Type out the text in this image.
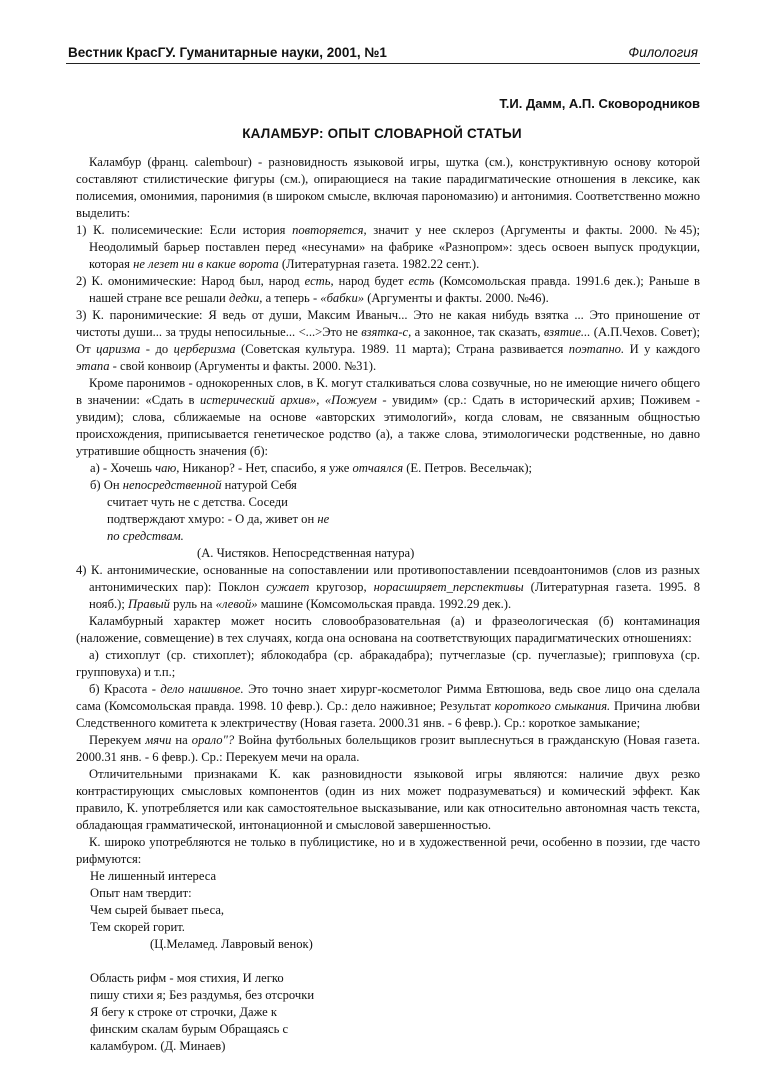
Вестник КрасГУ. Гуманитарные науки, 2001, №1	Филология
Т.И. Дамм, А.П. Сковородников
КАЛАМБУР: ОПЫТ СЛОВАРНОЙ СТАТЬИ

Каламбур (франц. calembour) - разновидность языковой игры, шутка (см.), конструктивную основу которой составляют стилистические фигуры (см.), опирающиеся на такие парадигматические отношения в лексике, как полисемия, омонимия, паронимия (в широком смысле, включая парономазию) и антонимия. Соответственно можно выделить:

1) К. полисемические: Если история повторяется, значит у нее склероз (Аргументы и факты. 2000. №45); Неодолимый барьер поставлен перед «несунами» на фабрике «Разнопром»: здесь освоен выпуск продукции, которая не лезет ни в какие ворота (Литературная газета. 1982.22 сент.).

2) К. омонимические: Народ был, народ есть, народ будет есть (Комсомольская правда. 1991.6 дек.); Раньше в нашей стране все решали дедки, а теперь - «бабки» (Аргументы и факты. 2000. №46).

3) К. паронимические: Я ведь от души, Максим Иваныч... Это не какая нибудь взятка ... Это приношение от чистоты души... за труды непосильные... <...>Это не взятка-с, а законное, так сказать, взятие... (А.П.Чехов. Совет); От царизма - до церберизма (Советская культура. 1989. 11 марта); Страна развивается поэтапно. И у каждого этапа - свой конвоир (Аргументы и факты. 2000. №31).

Кроме паронимов - однокоренных слов, в К. могут сталкиваться слова созвучные, но не имеющие ничего общего в значении: «Сдать в истерический архив», «Пожуем - увидим» (ср.: Сдать в исторический архив; Поживем - увидим); слова, сближаемые на основе «авторских этимологий», когда словам, не связанным общностью происхождения, приписывается генетическое родство (а), а также слова, этимологически родственные, но давно утратившие общность значения (б):

а) - Хочешь чаю, Никанор? - Нет, спасибо, я уже отчаялся (Е. Петров. Весельчак);

б) Он непосредственной натурой Себя
считает чуть не с детства. Соседи
подтверждают хмуро: - О да, живет он не
по средствам.
(А. Чистяков. Непосредственная натура)

4) К. антонимические, основанные на сопоставлении или противопоставлении псевдоантонимов (слов из разных антонимических пар): Поклон сужает кругозор, норасширяет_перспективы (Литературная газета. 1995. 8 нояб.); Правый руль на «левой» машине (Комсомольская правда. 1992.29 дек.).

Каламбурный характер может носить словообразовательная (а) и фразеологическая (б) контаминация (наложение, совмещение) в тех случаях, когда она основана на соответствующих парадигматических отношениях:

а) стихоплут (ср. стихоплет); яблокодабра (ср. абракадабра); путчеглазые (ср. пучеглазые); грипповуха (ср. групповуха) и т.п.;

б) Красота - дело нашивное. Это точно знает хирург-косметолог Римма Евтюшова, ведь свое лицо она сделала сама (Комсомольская правда. 1998. 10 февр.). Ср.: дело наживное; Результат короткого смыкания. Причина любви Следственного комитета к электричеству (Новая газета. 2000.31 янв. - 6 февр.). Ср.: короткое замыкание;

Перекуем мячи на орало"? Война футбольных болельщиков грозит выплеснуться в гражданскую (Новая газета. 2000.31 янв. - 6 февр.). Ср.: Перекуем мечи на орала.

Отличительными признаками К. как разновидности языковой игры являются: наличие двух резко контрастирующих смысловых компонентов (один из них может подразумеваться) и комический эффект. Как правило, К. употребляется или как самостоятельное высказывание, или как относительно автономная часть текста, обладающая грамматической, интонационной и смысловой завершенностью.

К. широко употребляются не только в публицистике, но и в художественной речи, особенно в поэзии, где часто рифмуются:

Не лишенный интереса
Опыт нам твердит:
Чем сырей бывает пьеса,
Тем скорей горит.
(Ц.Меламед. Лавровый венок)
Область рифм - моя стихия, И легко
пишу стихи я; Без раздумья, без отсрочки
Я бегу к строке от строчки, Даже к
финским скалам бурым Обращаясь с
каламбуром. (Д. Минаев)
